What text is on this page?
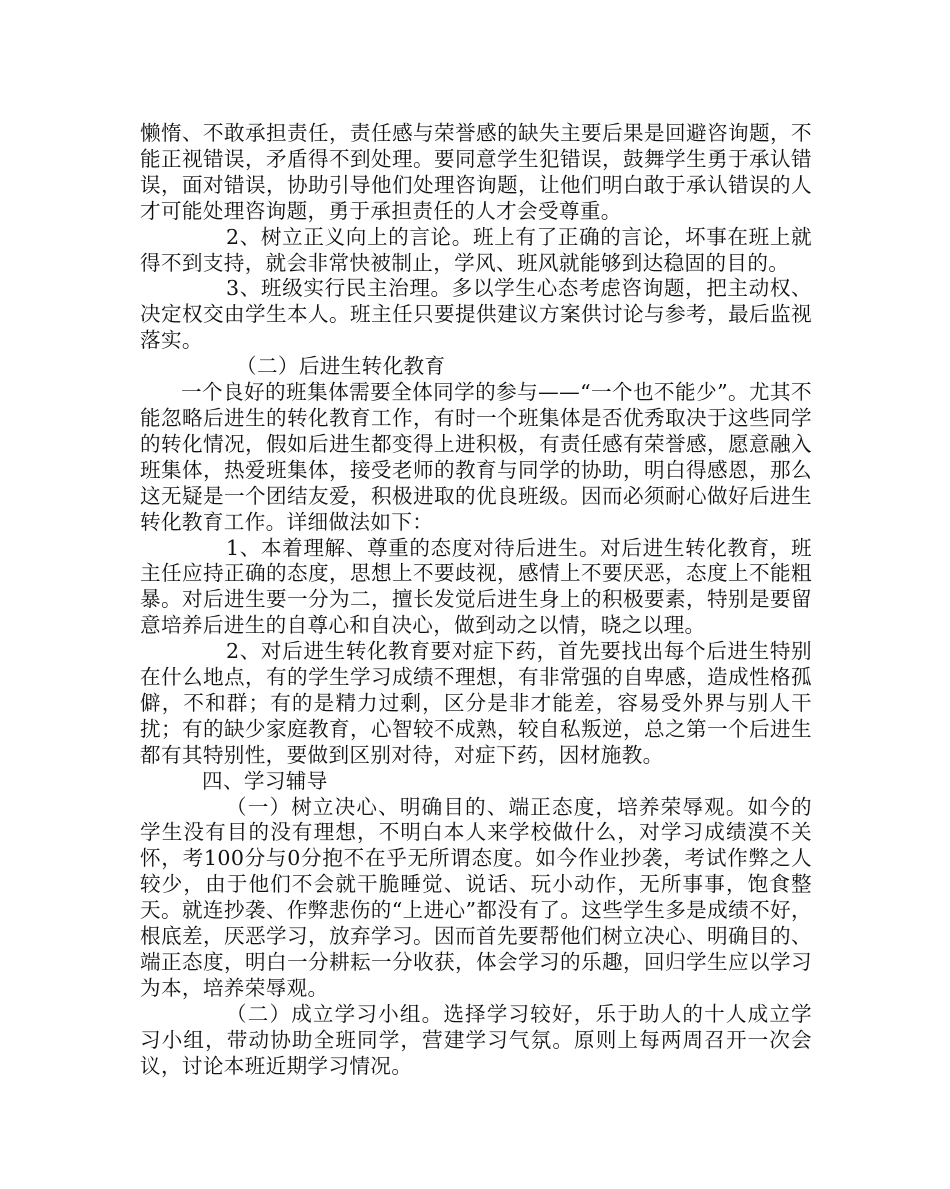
懒惰、不敢承担责任，责任感与荣誉感的缺失主要后果是回避咨询题，不能正视错误，矛盾得不到处理。要同意学生犯错误，鼓舞学生勇于承认错误，面对错误，协助引导他们处理咨询题，让他们明白敢于承认错误的人才可能处理咨询题，勇于承担责任的人才会受尊重。

2、树立正义向上的言论。班上有了正确的言论，坏事在班上就得不到支持，就会非常快被制止，学风、班风就能够到达稳固的目的。

3、班级实行民主治理。多以学生心态考虑咨询题，把主动权、决定权交由学生本人。班主任只要提供建议方案供讨论与参考，最后监视落实。

（二）后进生转化教育

一个良好的班集体需要全体同学的参与——“一个也不能少”。尤其不能忽略后进生的转化教育工作，有时一个班集体是否优秀取决于这些同学的转化情况，假如后进生都变得上进积极，有责任感有荣誉感，愿意融入班集体，热爱班集体，接受老师的教育与同学的协助，明白得感恩，那么这无疑是一个团结友爱，积极进取的优良班级。因而必须耐心做好后进生转化教育工作。详细做法如下：

1、本着理解、尊重的态度对待后进生。对后进生转化教育，班主任应持正确的态度，思想上不要歧视，感情上不要厌恶，态度上不能粗暴。对后进生要一分为二，擅长发觉后进生身上的积极要素，特别是要留意培养后进生的自尊心和自决心，做到动之以情，晓之以理。

2、对后进生转化教育要对症下药，首先要找出每个后进生特别在什么地点，有的学生学习成绩不理想，有非常强的自卑感，造成性格孤僻，不和群；有的是精力过剩，区分是非才能差，容易受外界与别人干扰；有的缺少家庭教育，心智较不成熟，较自私叛逆，总之第一个后进生都有其特别性，要做到区别对待，对症下药，因材施教。

四、学习辅导

（一）树立决心、明确目的、端正态度，培养荣辱观。如今的学生没有目的没有理想，不明白本人来学校做什么，对学习成绩漠不关怀，考100分与0分抱不在乎无所谓态度。如今作业抄袭，考试作弊之人较少，由于他们不会就干脆睡觉、说话、玩小动作，无所事事，饱食整天。就连抄袭、作弊悲伤的“上进心”都没有了。这些学生多是成绩不好，根底差，厌恶学习，放弃学习。因而首先要帮他们树立决心、明确目的、端正态度，明白一分耕耘一分收获，体会学习的乐趣，回归学生应以学习为本，培养荣辱观。

（二）成立学习小组。选择学习较好，乐于助人的十人成立学习小组，带动协助全班同学，营建学习气氛。原则上每两周召开一次会议，讨论本班近期学习情况。
